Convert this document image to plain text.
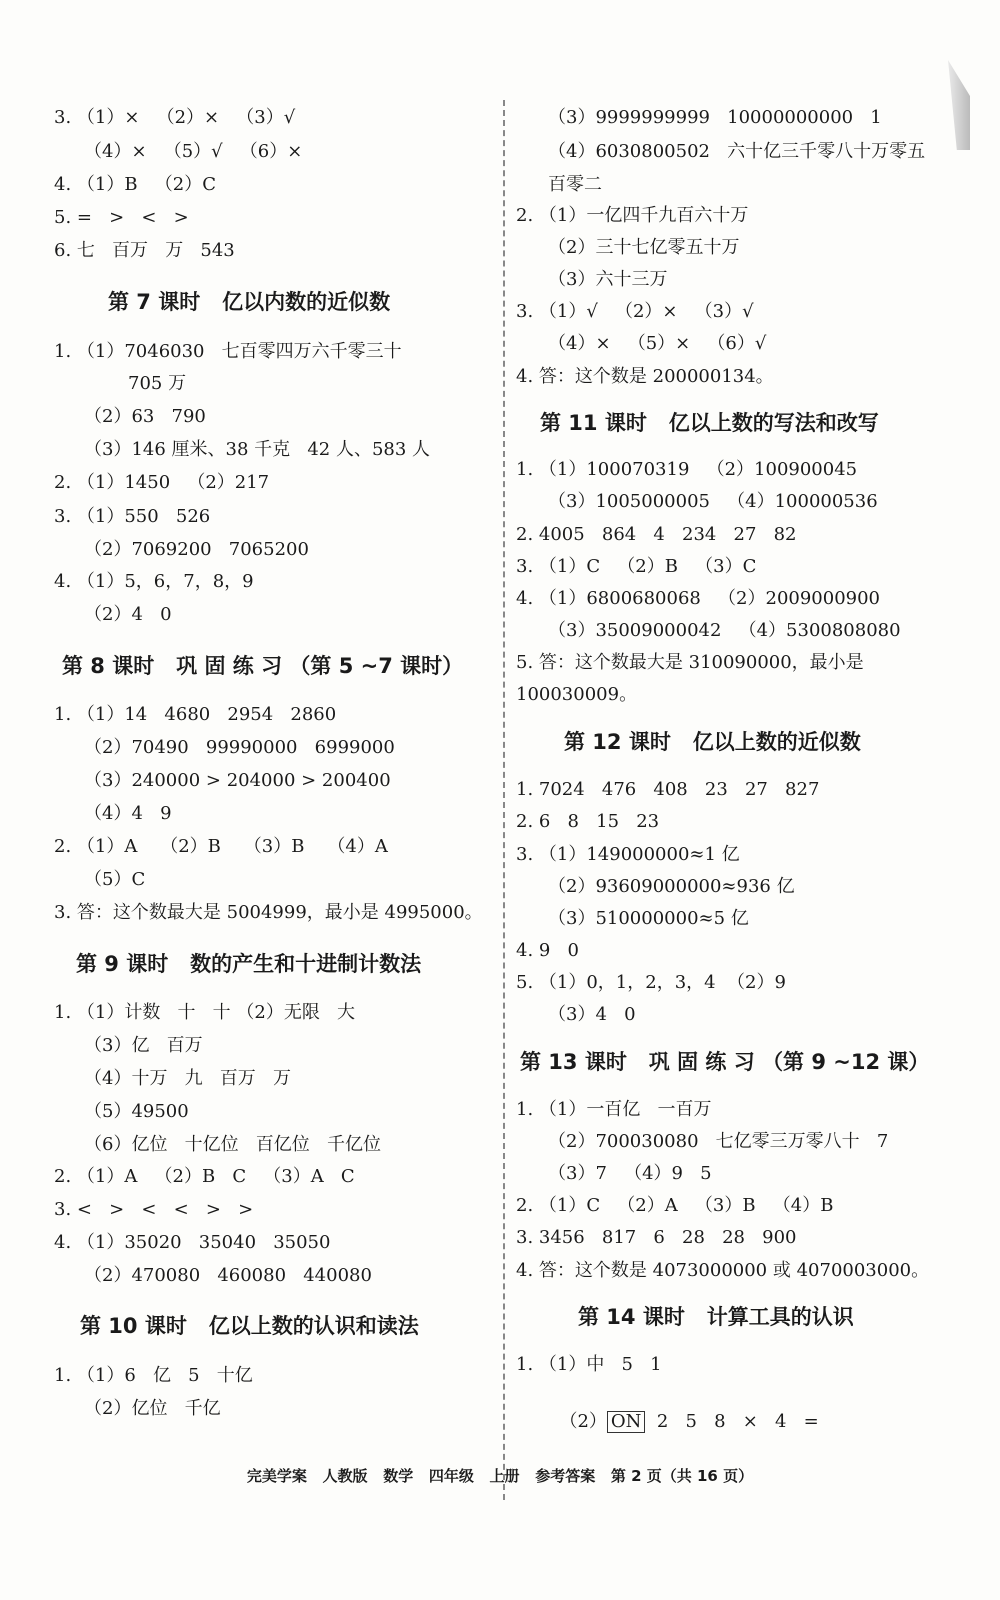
（2） ON  2   5   8   ×   4   =

完美学案   人教版   数学   四年级   上册   参考答案   第 2 页（共 16 页）
3. （1）×   （2）×   （3）√
（4）×   （5）√   （6）×
4. （1）B   （2）C
5. =   >   <   >
6. 七   百万   万   543
第 7 课时   亿以内数的近似数
1. （1）7046030   七百零四万六千零三十
705 万
（2）63   790
（3）146 厘米、38 千克   42 人、583 人
2. （1）1450   （2）217
3. （1）550   526
（2）7069200   7065200
4. （1）5，6，7，8，9
（2）4   0
第 8 课时   巩 固 练 习 （第 5 ~7 课时）
1. （1）14   4680   2954   2860
（2）70490   99990000   6999000
（3）240000 > 204000 > 200400
（4）4   9
2. （1）A    （2）B    （3）B    （4）A
（5）C
3. 答：这个数最大是 5004999，最小是 4995000。
第 9 课时   数的产生和十进制计数法
1. （1）计数   十   十 （2）无限   大
（3）亿   百万
（4）十万   九   百万   万
（5）49500
（6）亿位   十亿位   百亿位   千亿位
2. （1）A   （2）B   C   （3）A   C
3. <   >   <   <   >   >
4. （1）35020   35040   35050
（2）470080   460080   440080
第 10 课时   亿以上数的认识和读法
1. （1）6   亿   5   十亿
（2）亿位   千亿
（3）9999999999   10000000000   1
（4）6030800502   六十亿三千零八十万零五
百零二
2. （1）一亿四千九百六十万
（2）三十七亿零五十万
（3）六十三万
3. （1）√   （2）×   （3）√
（4）×   （5）×   （6）√
4. 答：这个数是 200000134。
第 11 课时   亿以上数的写法和改写
1. （1）100070319   （2）100900045
（3）1005000005   （4）100000536
2. 4005   864   4   234   27   82
3. （1）C   （2）B   （3）C
4. （1）6800680068   （2）2009000900
（3）35009000042   （4）5300808080
5. 答：这个数最大是 310090000，最小是
100030009。
第 12 课时   亿以上数的近似数
1. 7024   476   408   23   27   827
2. 6   8   15   23
3. （1）149000000≈1 亿
（2）93609000000≈936 亿
（3）510000000≈5 亿
4. 9   0
5. （1）0，1，2，3，4  （2）9
（3）4   0
第 13 课时   巩 固 练 习 （第 9 ~12 课）
1. （1）一百亿   一百万
（2）700030080   七亿零三万零八十   7
（3）7   （4）9   5
2. （1）C   （2）A   （3）B   （4）B
3. 3456   817   6   28   28   900
4. 答：这个数是 4073000000 或 4070003000。
第 14 课时   计算工具的认识
1. （1）中   5   1
